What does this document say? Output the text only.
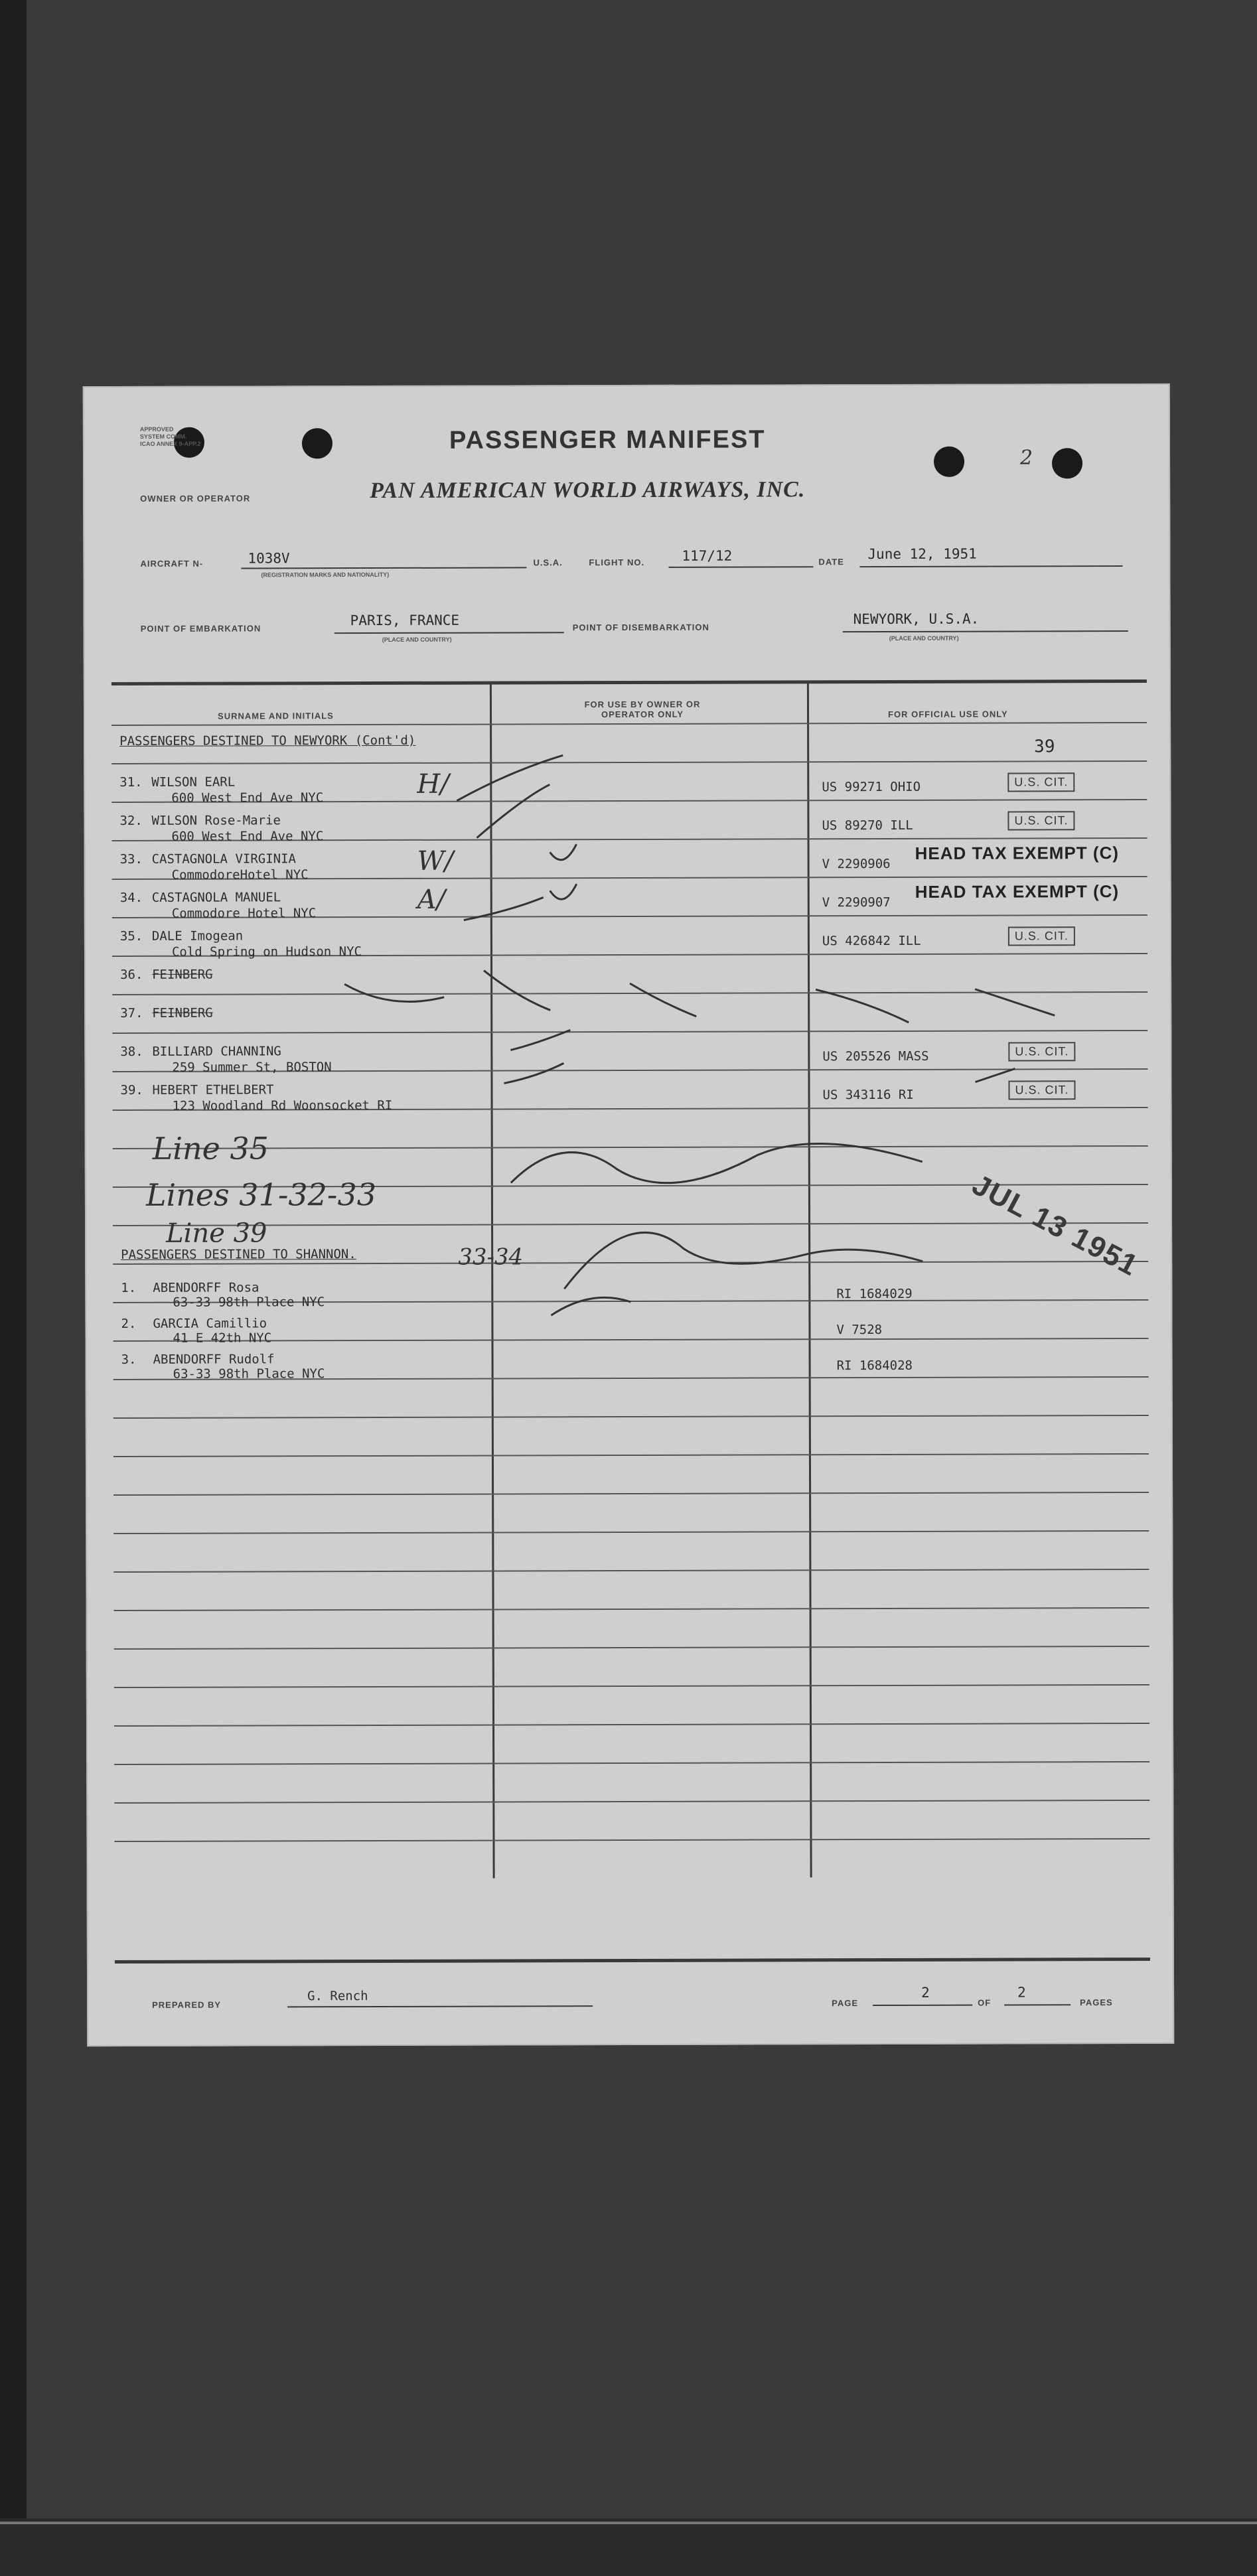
APPROVED
SYSTEM COMM.
ICAO ANNEX 9-APP.2	PASSENGER MANIFEST
2
OWNER OR OPERATOR	PAN AMERICAN WORLD AIRWAYS, INC.
AIRCRAFT N-	1038V
(REGISTRATION MARKS AND NATIONALITY)
U.S.A.	FLIGHT NO.	117/12	DATE June 12, 1951
POINT OF EMBARKATION
PARIS, FRANCE
(PLACE AND COUNTRY)
POINT OF DISEMBARKATION
NEWYORK, U.S.A.
(PLACE AND COUNTRY)
SURNAME AND INITIALS
FOR USE BY OWNER OR OPERATOR ONLY	FOR OFFICIAL USE ONLY
PASSENGERS DESTINED TO NEWYORK (Cont'd)	39
31. WILSON EARL
600 West End Ave NYC	H/	US 99271 OHIO	U.S. CIT.
32. WILSON Rose-Marie
600 West End Ave NYC
US 89270 ILL	U.S. CIT.
33. CASTAGNOLA VIRGINIA
CommodoreHotel NYC	W/	V 2290906
HEAD TAX EXEMPT (C)
34. CASTAGNOLA MANUEL
Commodore Hotel NYC	A/	V 2290907
HEAD TAX EXEMPT (C)
35. DALE Imogean
Cold Spring on Hudson NYC
US 426842 ILL	U.S. CIT.
36. FEINBERG
37. FEINBERG
38. BILLIARD CHANNING
259 Summer St, BOSTON
US 205526 MASS	U.S. CIT.
39. HEBERT ETHELBERT
123 Woodland Rd Woonsocket RI
US 343116 RI	U.S. CIT.
Line 35
Lines 31-32-33
Line 39
33-34
PASSENGERS DESTINED TO SHANNON.
1. ABENDORFF Rosa
63-33 98th Place NYC
RI 1684029
2. GARCIA Camillio
41 E 42th NYC
V 7528
3. ABENDORFF Rudolf
63-33 98th Place NYC
RI 1684028
JUL 13 1951
PREPARED BY
G. Rench	PAGE
2
OF
2
PAGES
